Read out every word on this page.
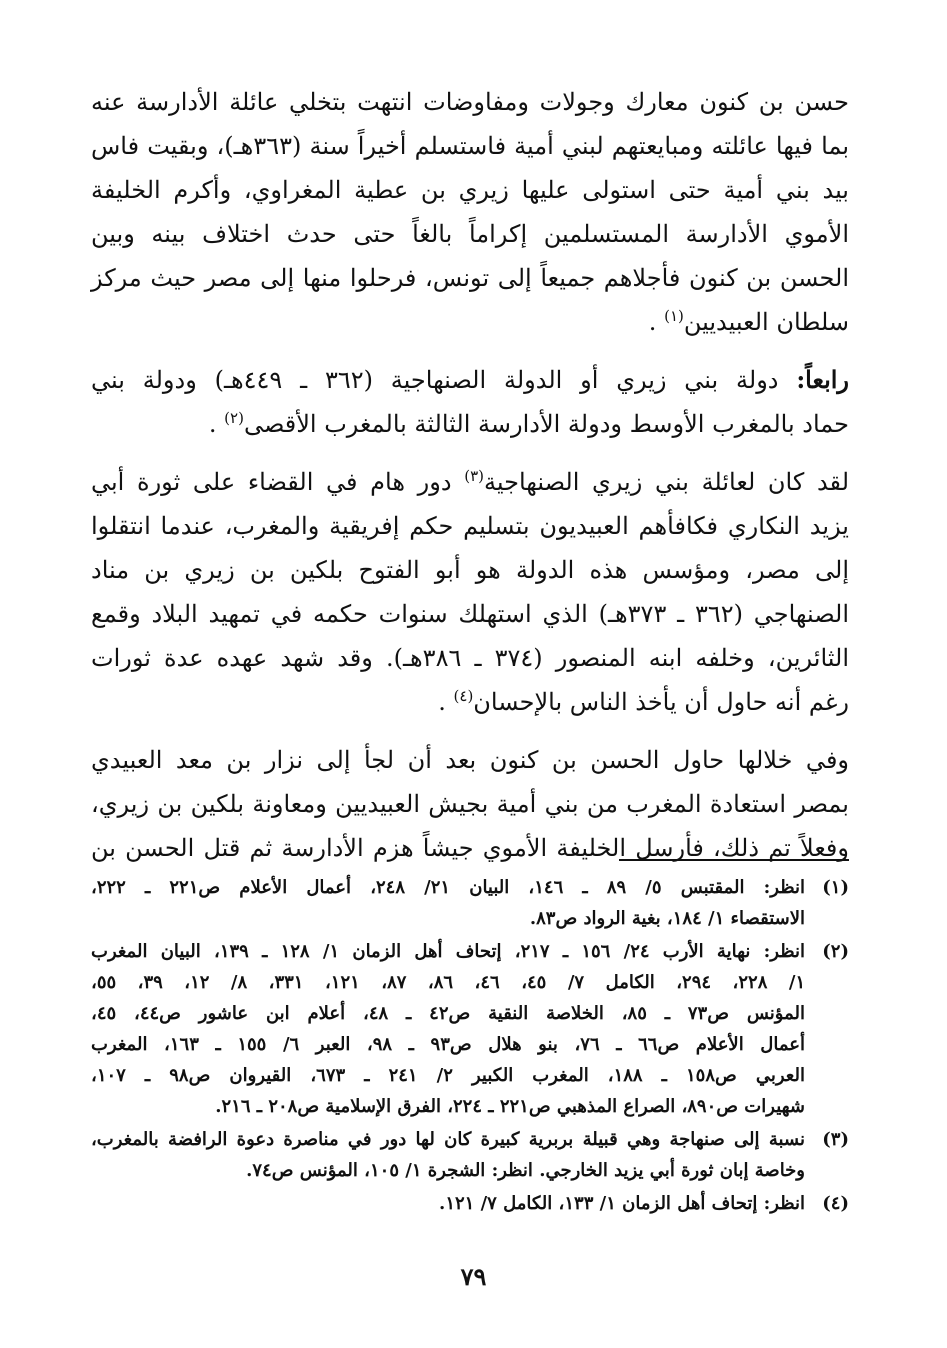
حسن بن كنون معارك وجولات ومفاوضات انتهت بتخلي عائلة الأدارسة عنه
بما فيها عائلته ومبايعتهم لبني أمية فاستسلم أخيراً سنة (٣٦٣هـ)، وبقيت فاس
بيد بني أمية حتى استولى عليها زيري بن عطية المغراوي، وأكرم الخليفة
الأموي الأدارسة المستسلمين إكراماً بالغاً حتى حدث اختلاف بينه وبين
الحسن بن كنون فأجلاهم جميعاً إلى تونس، فرحلوا منها إلى مصر حيث مركز
سلطان العبيديين$^{(١)}$ .

رابعاً: دولة بني زيري أو الدولة الصنهاجية (٣٦٢ ـ ٤٤٩هـ) ودولة بني
حماد بالمغرب الأوسط ودولة الأدارسة الثالثة بالمغرب الأقصى$^{(٢)}$ .

لقد كان لعائلة بني زيري الصنهاجية$^{(٣)}$ دور هام في القضاء على ثورة أبي
يزيد النكاري فكافأهم العبيديون بتسليم حكم إفريقية والمغرب، عندما انتقلوا
إلى مصر، ومؤسس هذه الدولة هو أبو الفتوح بلكين بن زيري بن مناد
الصنهاجي (٣٦٢ ـ ٣٧٣هـ) الذي استهلك سنوات حكمه في تمهيد البلاد وقمع
الثائرين، وخلفه ابنه المنصور (٣٧٤ ـ ٣٨٦هـ). وقد شهد عهده عدة ثورات
رغم أنه حاول أن يأخذ الناس بالإحسان$^{(٤)}$ .

وفي خلالها حاول الحسن بن كنون بعد أن لجأ إلى نزار بن معد العبيدي
بمصر استعادة المغرب من بني أمية بجيش العبيديين ومعاونة بلكين بن زيري،
وفعلاً تم ذلك، فأرسل الخليفة الأموي جيشاً هزم الأدارسة ثم قتل الحسن بن

(١)
انظر: المقتبس ٥/ ٨٩ ـ ١٤٦، البيان ٢١/ ٢٤٨، أعمال الأعلام ص٢٢١ ـ ٢٢٢،
الاستقصاء ١/ ١٨٤، بغية الرواد ص٨٣.
(٢)
انظر: نهاية الأرب ٢٤/ ١٥٦ ـ ٢١٧، إتحاف أهل الزمان ١/ ١٢٨ ـ ١٣٩، البيان المغرب
١/ ٢٢٨، ٢٩٤، الكامل ٧/ ٤٥، ٤٦، ٨٦، ٨٧، ١٢١، ٣٣١، ٨/ ١٢، ٣٩، ٥٥،
المؤنس ص٧٣ ـ ٨٥، الخلاصة النقية ص٤٢ ـ ٤٨، أعلام ابن عاشور ص٤٤، ٤٥،
أعمال الأعلام ص٦٦ ـ ٧٦، بنو هلال ص٩٣ ـ ٩٨، العبر ٦/ ١٥٥ ـ ١٦٣، المغرب
العربي ص١٥٨ ـ ١٨٨، المغرب الكبير ٢/ ٢٤١ ـ ٦٧٣، القيروان ص٩٨ ـ ١٠٧،
شهيرات ص٨٩٠، الصراع المذهبي ص٢٢١ ـ ٢٢٤، الفرق الإسلامية ص٢٠٨ ـ ٢١٦.
(٣)
نسبة إلى صنهاجة وهي قبيلة بربرية كبيرة كان لها دور في مناصرة دعوة الرافضة بالمغرب،
وخاصة إبان ثورة أبي يزيد الخارجي. انظر: الشجرة ١/ ١٠٥، المؤنس ص٧٤.
(٤)
انظر: إتحاف أهل الزمان ١/ ١٣٣، الكامل ٧/ ١٢١.
٧٩
